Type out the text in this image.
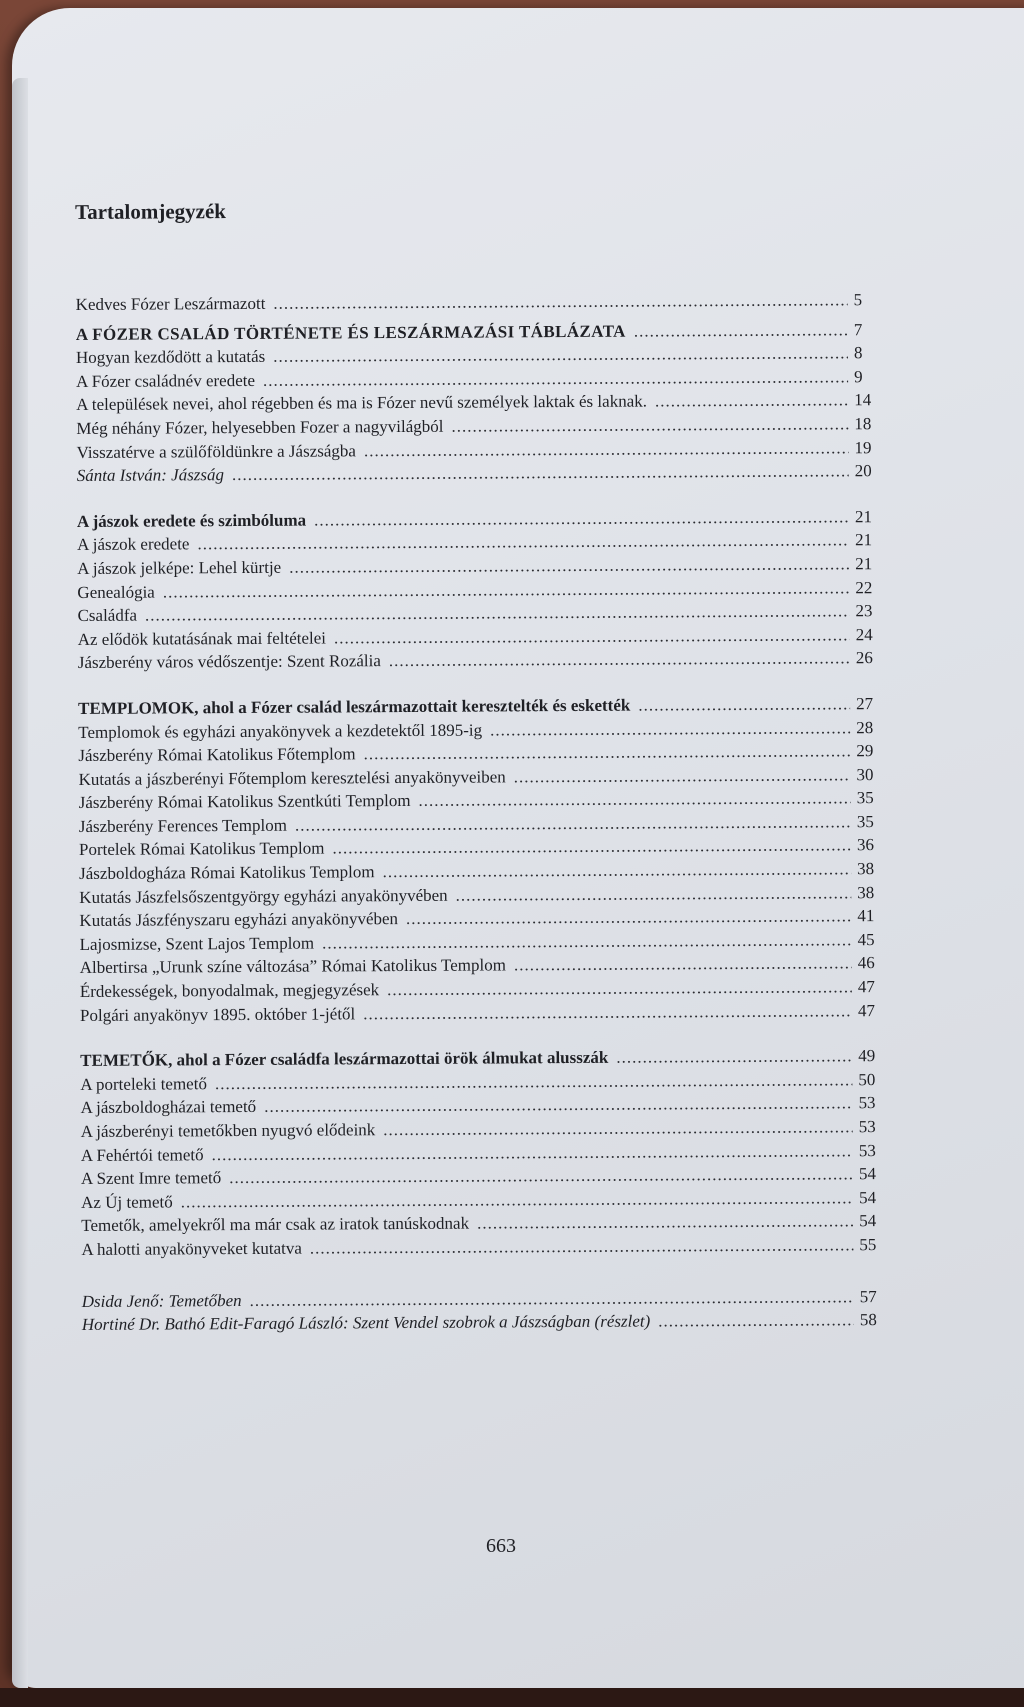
Tartalomjegyzék
Kedves Fózer Leszármazott .....	5
A FÓZER CSALÁD TÖRTÉNETE ÉS LESZÁRMAZÁSI TÁBLÁZATA .....	7
Hogyan kezdődött a kutatás .....	8
A Fózer családnév eredete .....	9
A települések nevei, ahol régebben és ma is Fózer nevű személyek laktak és laknak. .....	14
Még néhány Fózer, helyesebben Fozer a nagyvilágból .....	18
Visszatérve a szülőföldünkre a Jászságba .....	19
Sánta István: Jászság .....	20
A jászok eredete és szimbóluma .....	21
A jászok eredete .....	21
A jászok jelképe: Lehel kürtje .....	21
Genealógia .....	22
Családfa .....	23
Az elődök kutatásának mai feltételei .....	24
Jászberény város védőszentje: Szent Rozália .....	26
TEMPLOMOK, ahol a Fózer család leszármazottait keresztelték és eskették .....	27
Templomok és egyházi anyakönyvek a kezdetektől 1895-ig .....	28
Jászberény Római Katolikus Főtemplom .....	29
Kutatás a jászberényi Főtemplom keresztelési anyakönyveiben .....	30
Jászberény Római Katolikus Szentkúti Templom .....	35
Jászberény Ferences Templom .....	35
Portelek Római Katolikus Templom .....	36
Jászboldogháza Római Katolikus Templom .....	38
Kutatás Jászfelsőszentgyörgy egyházi anyakönyvében .....	38
Kutatás Jászfényszaru egyházi anyakönyvében .....	41
Lajosmizse, Szent Lajos Templom .....	45
Albertirsa „Urunk színe változása” Római Katolikus Templom .....	46
Érdekességek, bonyodalmak, megjegyzések .....	47
Polgári anyakönyv 1895. október 1-jétől .....	47
TEMETŐK, ahol a Fózer családfa leszármazottai örök álmukat alusszák .....	49
A porteleki temető .....	50
A jászboldogházai temető .....	53
A jászberényi temetőkben nyugvó elődeink .....	53
A Fehértói temető .....	53
A Szent Imre temető .....	54
Az Új temető .....	54
Temetők, amelyekről ma már csak az iratok tanúskodnak .....	54
A halotti anyakönyveket kutatva .....	55
Dsida Jenő: Temetőben .....	57
Hortiné Dr. Bathó Edit-Faragó László: Szent Vendel szobrok a Jászságban (részlet) .....	58
663
